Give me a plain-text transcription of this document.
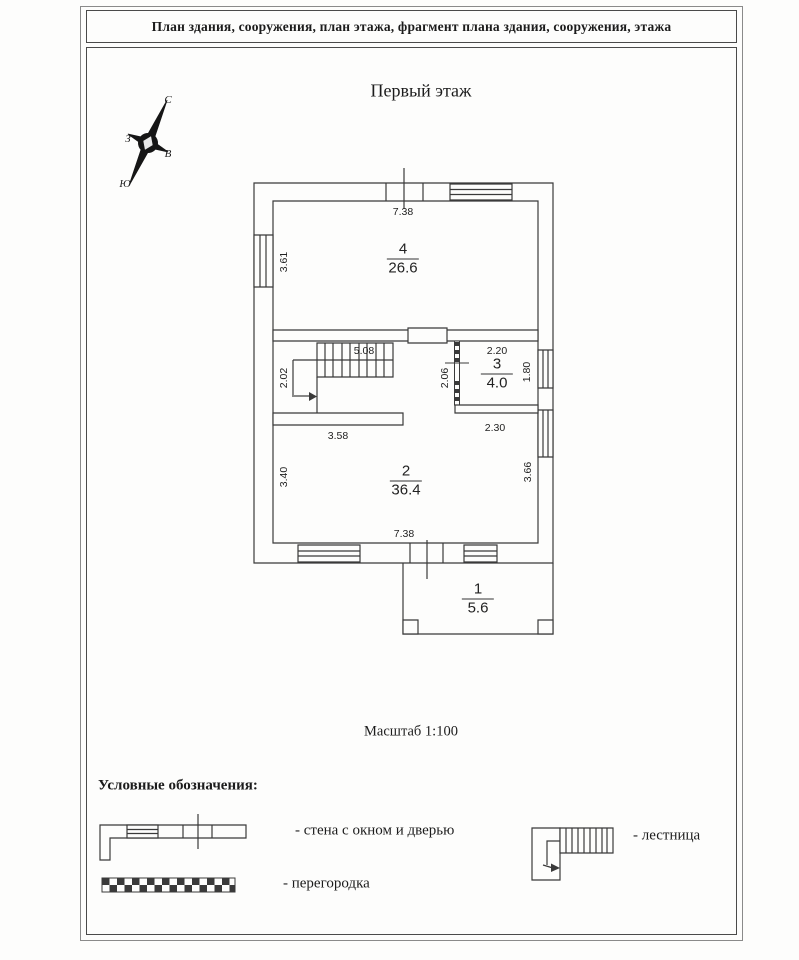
План здания, сооружения, план этажа, фрагмент плана здания, сооружения, этажа
С
З
В
Ю
Первый этаж
Масштаб 1:100
Условные обозначения:
4
26.6
3
4.0
2
36.4
1
5.6
7.38
3.61
2.02
3.40
5.08	2.20
2.06	1.80
2.30
3.58
3.66
7.38
- стена с окном и дверью
- перегородка
- лестница
